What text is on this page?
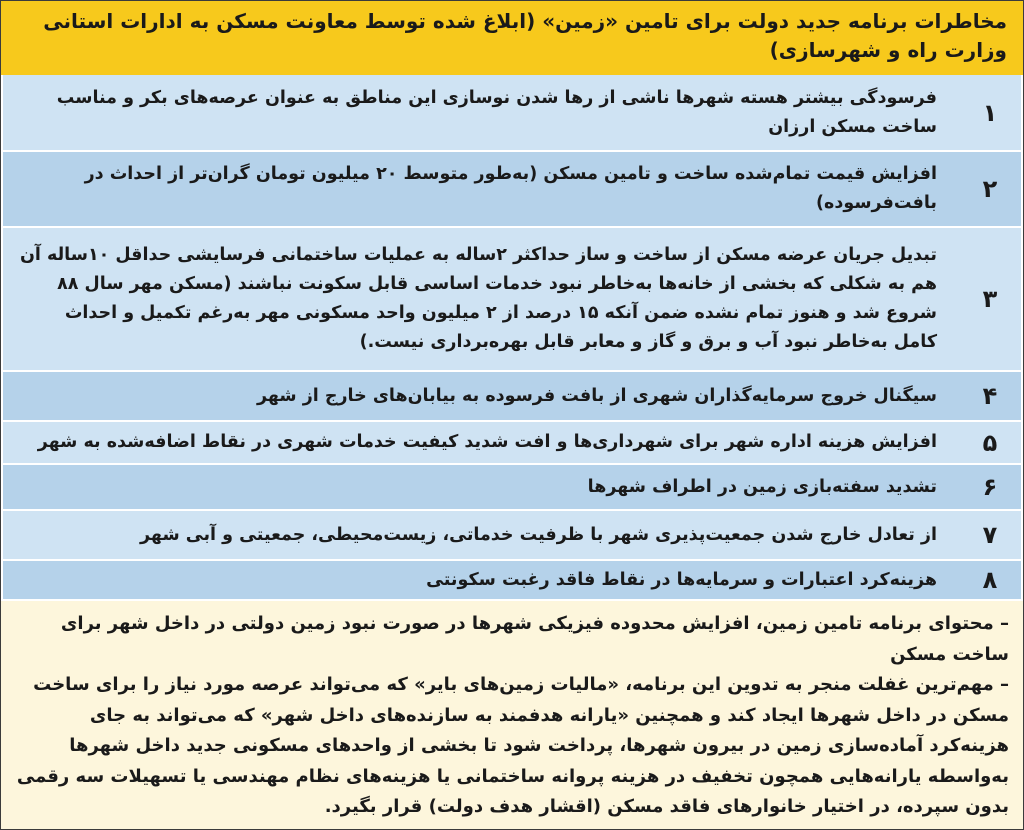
مخاطرات برنامه جدید دولت برای تامین «زمین» (ابلاغ شده توسط معاونت مسکن به ادارات استانی وزارت راه و شهرسازی)
۱	فرسودگی بیشتر هسته شهرها ناشی از رها شدن نوسازی این مناطق به عنوان عرصه‌های بکر و مناسب ساخت مسکن ارزان
۲	افزایش قیمت تمام‌شده ساخت و تامین مسکن (به‌طور متوسط ۲۰ میلیون تومان گران‌تر از احداث در بافت‌فرسوده)
۳	تبدیل جریان عرضه مسکن از ساخت و ساز حداکثر ۲ساله به عملیات ساختمانی فرسایشی حداقل ۱۰ساله آن هم به شکلی که بخشی از خانه‌ها به‌خاطر نبود خدمات اساسی قابل سکونت نباشند (مسکن مهر سال ۸۸ شروع شد و هنوز تمام نشده ضمن آنکه ۱۵ درصد از ۲ میلیون واحد مسکونی مهر به‌رغم تکمیل و احداث کامل به‌خاطر نبود آب و برق و گاز و معابر قابل بهره‌برداری نیست.)
۴	سیگنال خروج سرمایه‌گذاران شهری از بافت فرسوده به بیابان‌های خارج از شهر
۵	افزایش هزینه اداره شهر برای شهرداری‌ها و افت شدید کیفیت خدمات شهری در نقاط اضافه‌شده به شهر
۶	تشدید سفته‌بازی زمین در اطراف شهرها
۷	از تعادل خارج شدن جمعیت‌پذیری شهر با ظرفیت خدماتی، زیست‌محیطی، جمعیتی و آبی شهر
۸	هزینه‌کرد اعتبارات و سرمایه‌ها در نقاط فاقد رغبت سکونتی

– محتوای برنامه تامین زمین، افزایش محدوده فیزیکی شهرها در صورت نبود زمین دولتی در داخل شهر برای ساخت مسکن

– مهم‌ترین غفلت منجر به تدوین این برنامه، «مالیات زمین‌های بایر» که می‌تواند عرصه مورد نیاز را برای ساخت مسکن در داخل شهرها ایجاد کند و همچنین «یارانه هدفمند به سازنده‌های داخل شهر» که می‌تواند به جای هزینه‌کرد آماده‌سازی زمین در بیرون شهرها، پرداخت شود تا بخشی از واحدهای مسکونی جدید داخل شهرها به‌واسطه یارانه‌هایی همچون تخفیف در هزینه پروانه ساختمانی یا هزینه‌های نظام مهندسی یا تسهیلات سه رقمی بدون سپرده، در اختیار خانوارهای فاقد مسکن (اقشار هدف دولت) قرار بگیرد.
